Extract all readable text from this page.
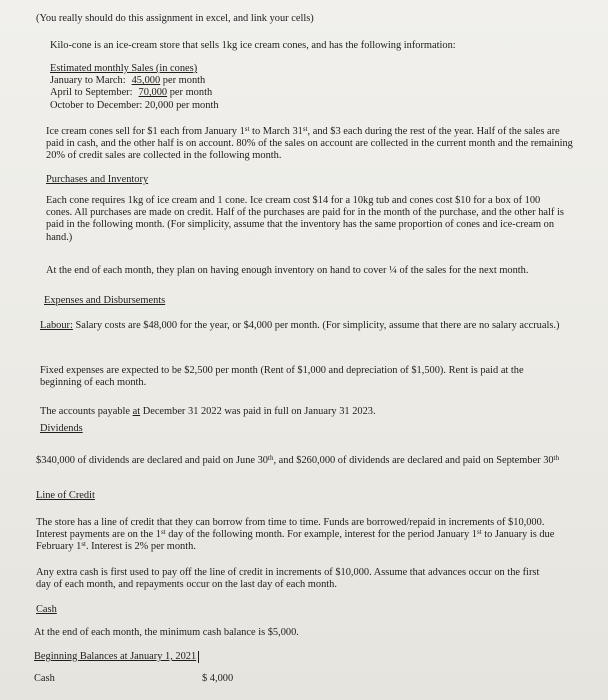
(You really should do this assignment in excel, and link your cells)

Kilo-cone is an ice-cream store that sells 1kg ice cream cones, and has the following information:

Estimated monthly Sales (in cones)
January to March: 45,000 per month
April to September: 70,000 per month
October to December: 20,000 per month

Ice cream cones sell for $1 each from January 1st to March 31st, and $3 each during the rest of the year. Half of the sales are paid in cash, and the other half is on account. 80% of the sales on account are collected in the current month and the remaining 20% of credit sales are collected in the following month.

Purchases and Inventory

Each cone requires 1kg of ice cream and 1 cone. Ice cream cost $14 for a 10kg tub and cones cost $10 for a box of 100 cones. All purchases are made on credit. Half of the purchases are paid for in the month of the purchase, and the other half is paid in the following month. (For simplicity, assume that the inventory has the same proportion of cones and ice-cream on hand.)

At the end of each month, they plan on having enough inventory on hand to cover ¼ of the sales for the next month.

Expenses and Disbursements

Labour: Salary costs are $48,000 for the year, or $4,000 per month. (For simplicity, assume that there are no salary accruals.)

Fixed expenses are expected to be $2,500 per month (Rent of $1,000 and depreciation of $1,500). Rent is paid at the beginning of each month.

The accounts payable at December 31 2022 was paid in full on January 31 2023.

Dividends

$340,000 of dividends are declared and paid on June 30th, and $260,000 of dividends are declared and paid on September 30th

Line of Credit

The store has a line of credit that they can borrow from time to time. Funds are borrowed/repaid in increments of $10,000. Interest payments are on the 1st day of the following month. For example, interest for the period January 1st to January is due February 1st. Interest is 2% per month.

Any extra cash is first used to pay off the line of credit in increments of $10,000. Assume that advances occur on the first day of each month, and repayments occur on the last day of each month.

Cash

At the end of each month, the minimum cash balance is $5,000.

Beginning Balances at January 1, 2021

Cash	$ 4,000
